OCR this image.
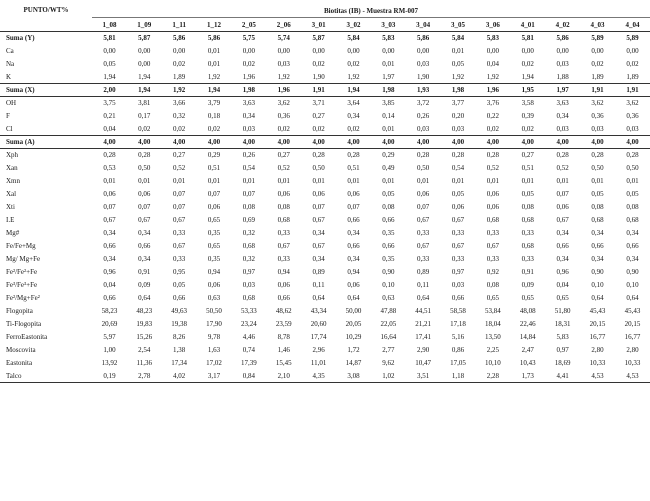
PUNTO/WT%	Biotitas (IB) - Muestra RM-007															
	1_08	1_09	1_11	1_12	2_05	2_06	3_01	3_02	3_03	3_04	3_05	3_06	4_01	4_02	4_03	4_04
Suma (Y)	5,81	5,87	5,86	5,86	5,75	5,74	5,87	5,84	5,83	5,86	5,84	5,83	5,81	5,86	5,89	5,89
Ca	0,00	0,00	0,00	0,01	0,00	0,00	0,00	0,00	0,00	0,00	0,01	0,00	0,00	0,00	0,00	0,00
Na	0,05	0,00	0,02	0,01	0,02	0,03	0,02	0,02	0,01	0,03	0,05	0,04	0,02	0,03	0,02	0,02
K	1,94	1,94	1,89	1,92	1,96	1,92	1,90	1,92	1,97	1,90	1,92	1,92	1,94	1,88	1,89	1,89
Suma (X)	2,00	1,94	1,92	1,94	1,98	1,96	1,91	1,94	1,98	1,93	1,98	1,96	1,95	1,97	1,91	1,91
OH	3,75	3,81	3,66	3,79	3,63	3,62	3,71	3,64	3,85	3,72	3,77	3,76	3,58	3,63	3,62	3,62
F	0,21	0,17	0,32	0,18	0,34	0,36	0,27	0,34	0,14	0,26	0,20	0,22	0,39	0,34	0,36	0,36
Cl	0,04	0,02	0,02	0,02	0,03	0,02	0,02	0,02	0,01	0,03	0,03	0,02	0,02	0,03	0,03	0,03
Suma (A)	4,00	4,00	4,00	4,00	4,00	4,00	4,00	4,00	4,00	4,00	4,00	4,00	4,00	4,00	4,00	4,00
Xph	0,28	0,28	0,27	0,29	0,26	0,27	0,28	0,28	0,29	0,28	0,28	0,28	0,27	0,28	0,28	0,28
Xan	0,53	0,50	0,52	0,51	0,54	0,52	0,50	0,51	0,49	0,50	0,54	0,52	0,51	0,52	0,50	0,50
Xmn	0,01	0,01	0,01	0,01	0,01	0,01	0,01	0,01	0,01	0,01	0,01	0,01	0,01	0,01	0,01	0,01
Xal	0,06	0,06	0,07	0,07	0,07	0,06	0,06	0,06	0,05	0,06	0,05	0,06	0,05	0,07	0,05	0,05
Xti	0,07	0,07	0,07	0,06	0,08	0,08	0,07	0,07	0,08	0,07	0,06	0,06	0,08	0,06	0,08	0,08
I.E	0,67	0,67	0,67	0,65	0,69	0,68	0,67	0,66	0,66	0,67	0,67	0,68	0,68	0,67	0,68	0,68
Mg#	0,34	0,34	0,33	0,35	0,32	0,33	0,34	0,34	0,35	0,33	0,33	0,33	0,33	0,34	0,34	0,34
Fe/Fe+Mg	0,66	0,66	0,67	0,65	0,68	0,67	0,67	0,66	0,66	0,67	0,67	0,67	0,68	0,66	0,66	0,66
Mg/ Mg+Fe	0,34	0,34	0,33	0,35	0,32	0,33	0,34	0,34	0,35	0,33	0,33	0,33	0,33	0,34	0,34	0,34
Fe²/Fe²+Fe	0,96	0,91	0,95	0,94	0,97	0,94	0,89	0,94	0,90	0,89	0,97	0,92	0,91	0,96	0,90	0,90
Fe³/Fe³+Fe	0,04	0,09	0,05	0,06	0,03	0,06	0,11	0,06	0,10	0,11	0,03	0,08	0,09	0,04	0,10	0,10
Fe²/Mg+Fe²	0,66	0,64	0,66	0,63	0,68	0,66	0,64	0,64	0,63	0,64	0,66	0,65	0,65	0,65	0,64	0,64
Flogopita	58,23	48,23	49,63	50,50	53,33	48,62	43,34	50,00	47,88	44,51	58,58	53,84	48,08	51,80	45,43	45,43
Ti-Flogopita	20,69	19,83	19,38	17,90	23,24	23,59	20,60	20,05	22,05	21,21	17,18	18,04	22,46	18,31	20,15	20,15
FerroEastonita	5,97	15,26	8,26	9,78	4,46	8,78	17,74	10,29	16,64	17,41	5,16	13,50	14,84	5,83	16,77	16,77
Moscovita	1,00	2,54	1,38	1,63	0,74	1,46	2,96	1,72	2,77	2,90	0,86	2,25	2,47	0,97	2,80	2,80
Eastonita	13,92	11,36	17,34	17,02	17,39	15,45	11,01	14,87	9,62	10,47	17,05	10,10	10,43	18,69	10,33	10,33
Talco	0,19	2,78	4,02	3,17	0,84	2,10	4,35	3,08	1,02	3,51	1,18	2,28	1,73	4,41	4,53	4,53
